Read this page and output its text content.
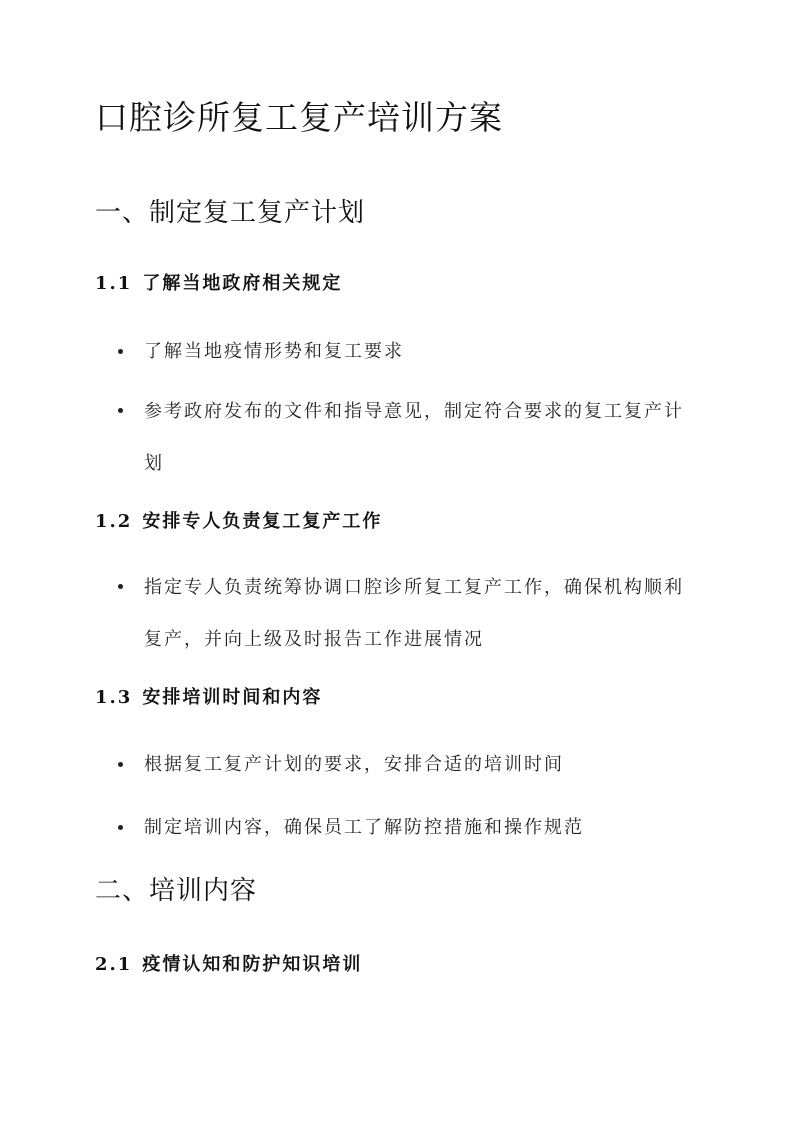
口腔诊所复工复产培训方案
一、制定复工复产计划
1.1 了解当地政府相关规定
了解当地疫情形势和复工要求
参考政府发布的文件和指导意见，制定符合要求的复工复产计划
1.2 安排专人负责复工复产工作
指定专人负责统筹协调口腔诊所复工复产工作，确保机构顺利复产，并向上级及时报告工作进展情况
1.3 安排培训时间和内容
根据复工复产计划的要求，安排合适的培训时间
制定培训内容，确保员工了解防控措施和操作规范
二、培训内容
2.1 疫情认知和防护知识培训
